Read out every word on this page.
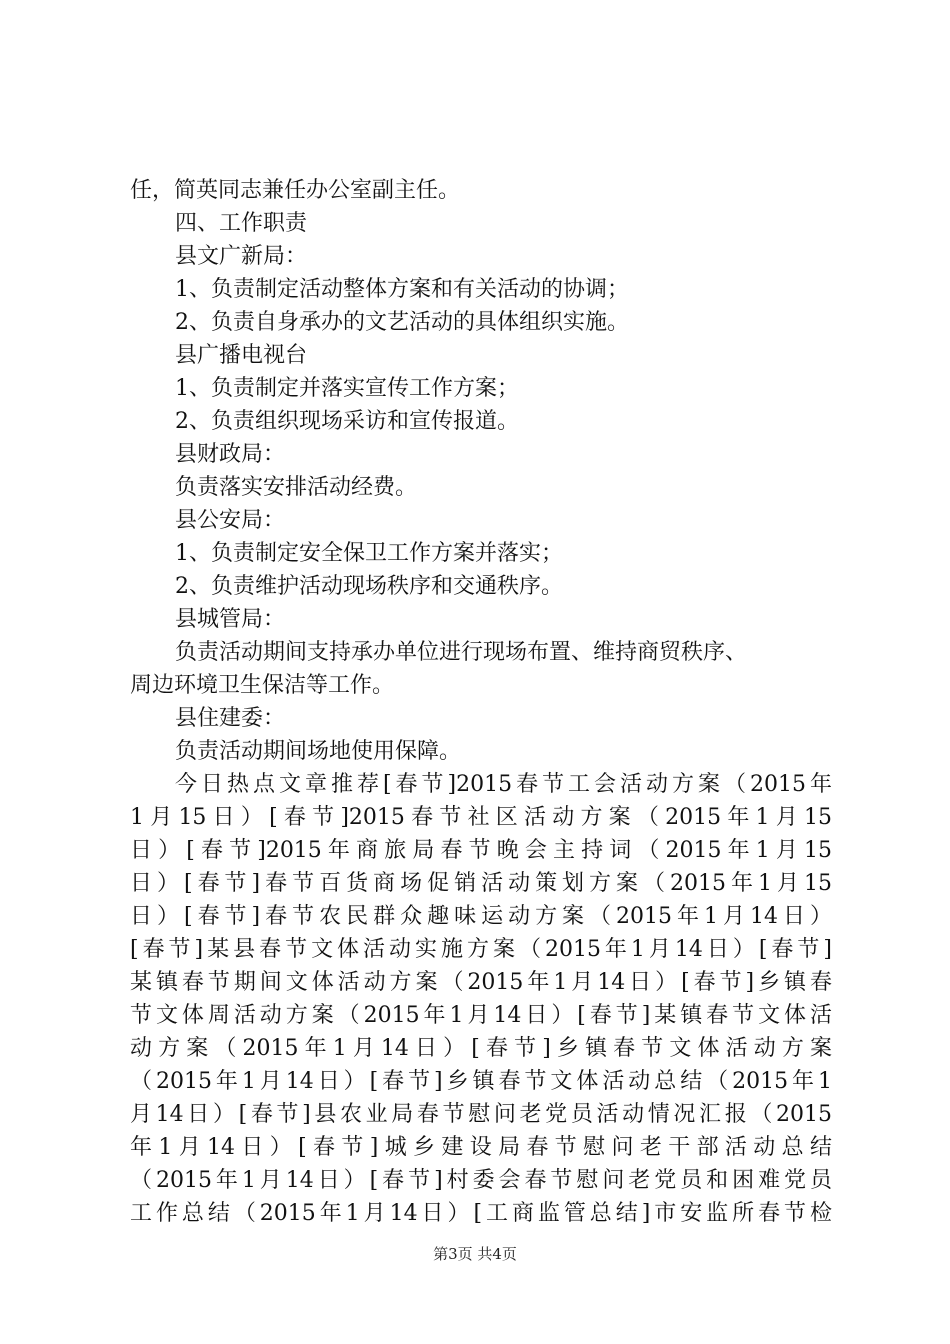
任，简英同志兼任办公室副主任。
四、工作职责
县文广新局：
1、负责制定活动整体方案和有关活动的协调；
2、负责自身承办的文艺活动的具体组织实施。
县广播电视台
1、负责制定并落实宣传工作方案；
2、负责组织现场采访和宣传报道。
县财政局：
负责落实安排活动经费。
县公安局：
1、负责制定安全保卫工作方案并落实；
2、负责维护活动现场秩序和交通秩序。
县城管局：
负责活动期间支持承办单位进行现场布置、维持商贸秩序、
周边环境卫生保洁等工作。
县住建委：
负责活动期间场地使用保障。
今日热点文章推荐[春节]2015春节工会活动方案（2015年
1月15日）[春节]2015春节社区活动方案（2015年1月15
日）[春节]2015年商旅局春节晚会主持词（2015年1月15
日）[春节]春节百货商场促销活动策划方案（2015年1月15
日）[春节]春节农民群众趣味运动方案（2015年1月14日）
[春节]某县春节文体活动实施方案（2015年1月14日）[春节]
某镇春节期间文体活动方案（2015年1月14日）[春节]乡镇春
节文体周活动方案（2015年1月14日）[春节]某镇春节文体活
动方案（2015年1月14日）[春节]乡镇春节文体活动方案
（2015年1月14日）[春节]乡镇春节文体活动总结（2015年1
月14日）[春节]县农业局春节慰问老党员活动情况汇报（2015
年1月14日）[春节]城乡建设局春节慰问老干部活动总结
（2015年1月14日）[春节]村委会春节慰问老党员和困难党员
工作总结（2015年1月14日）[工商监管总结]市安监所春节检
第3页 共4页
